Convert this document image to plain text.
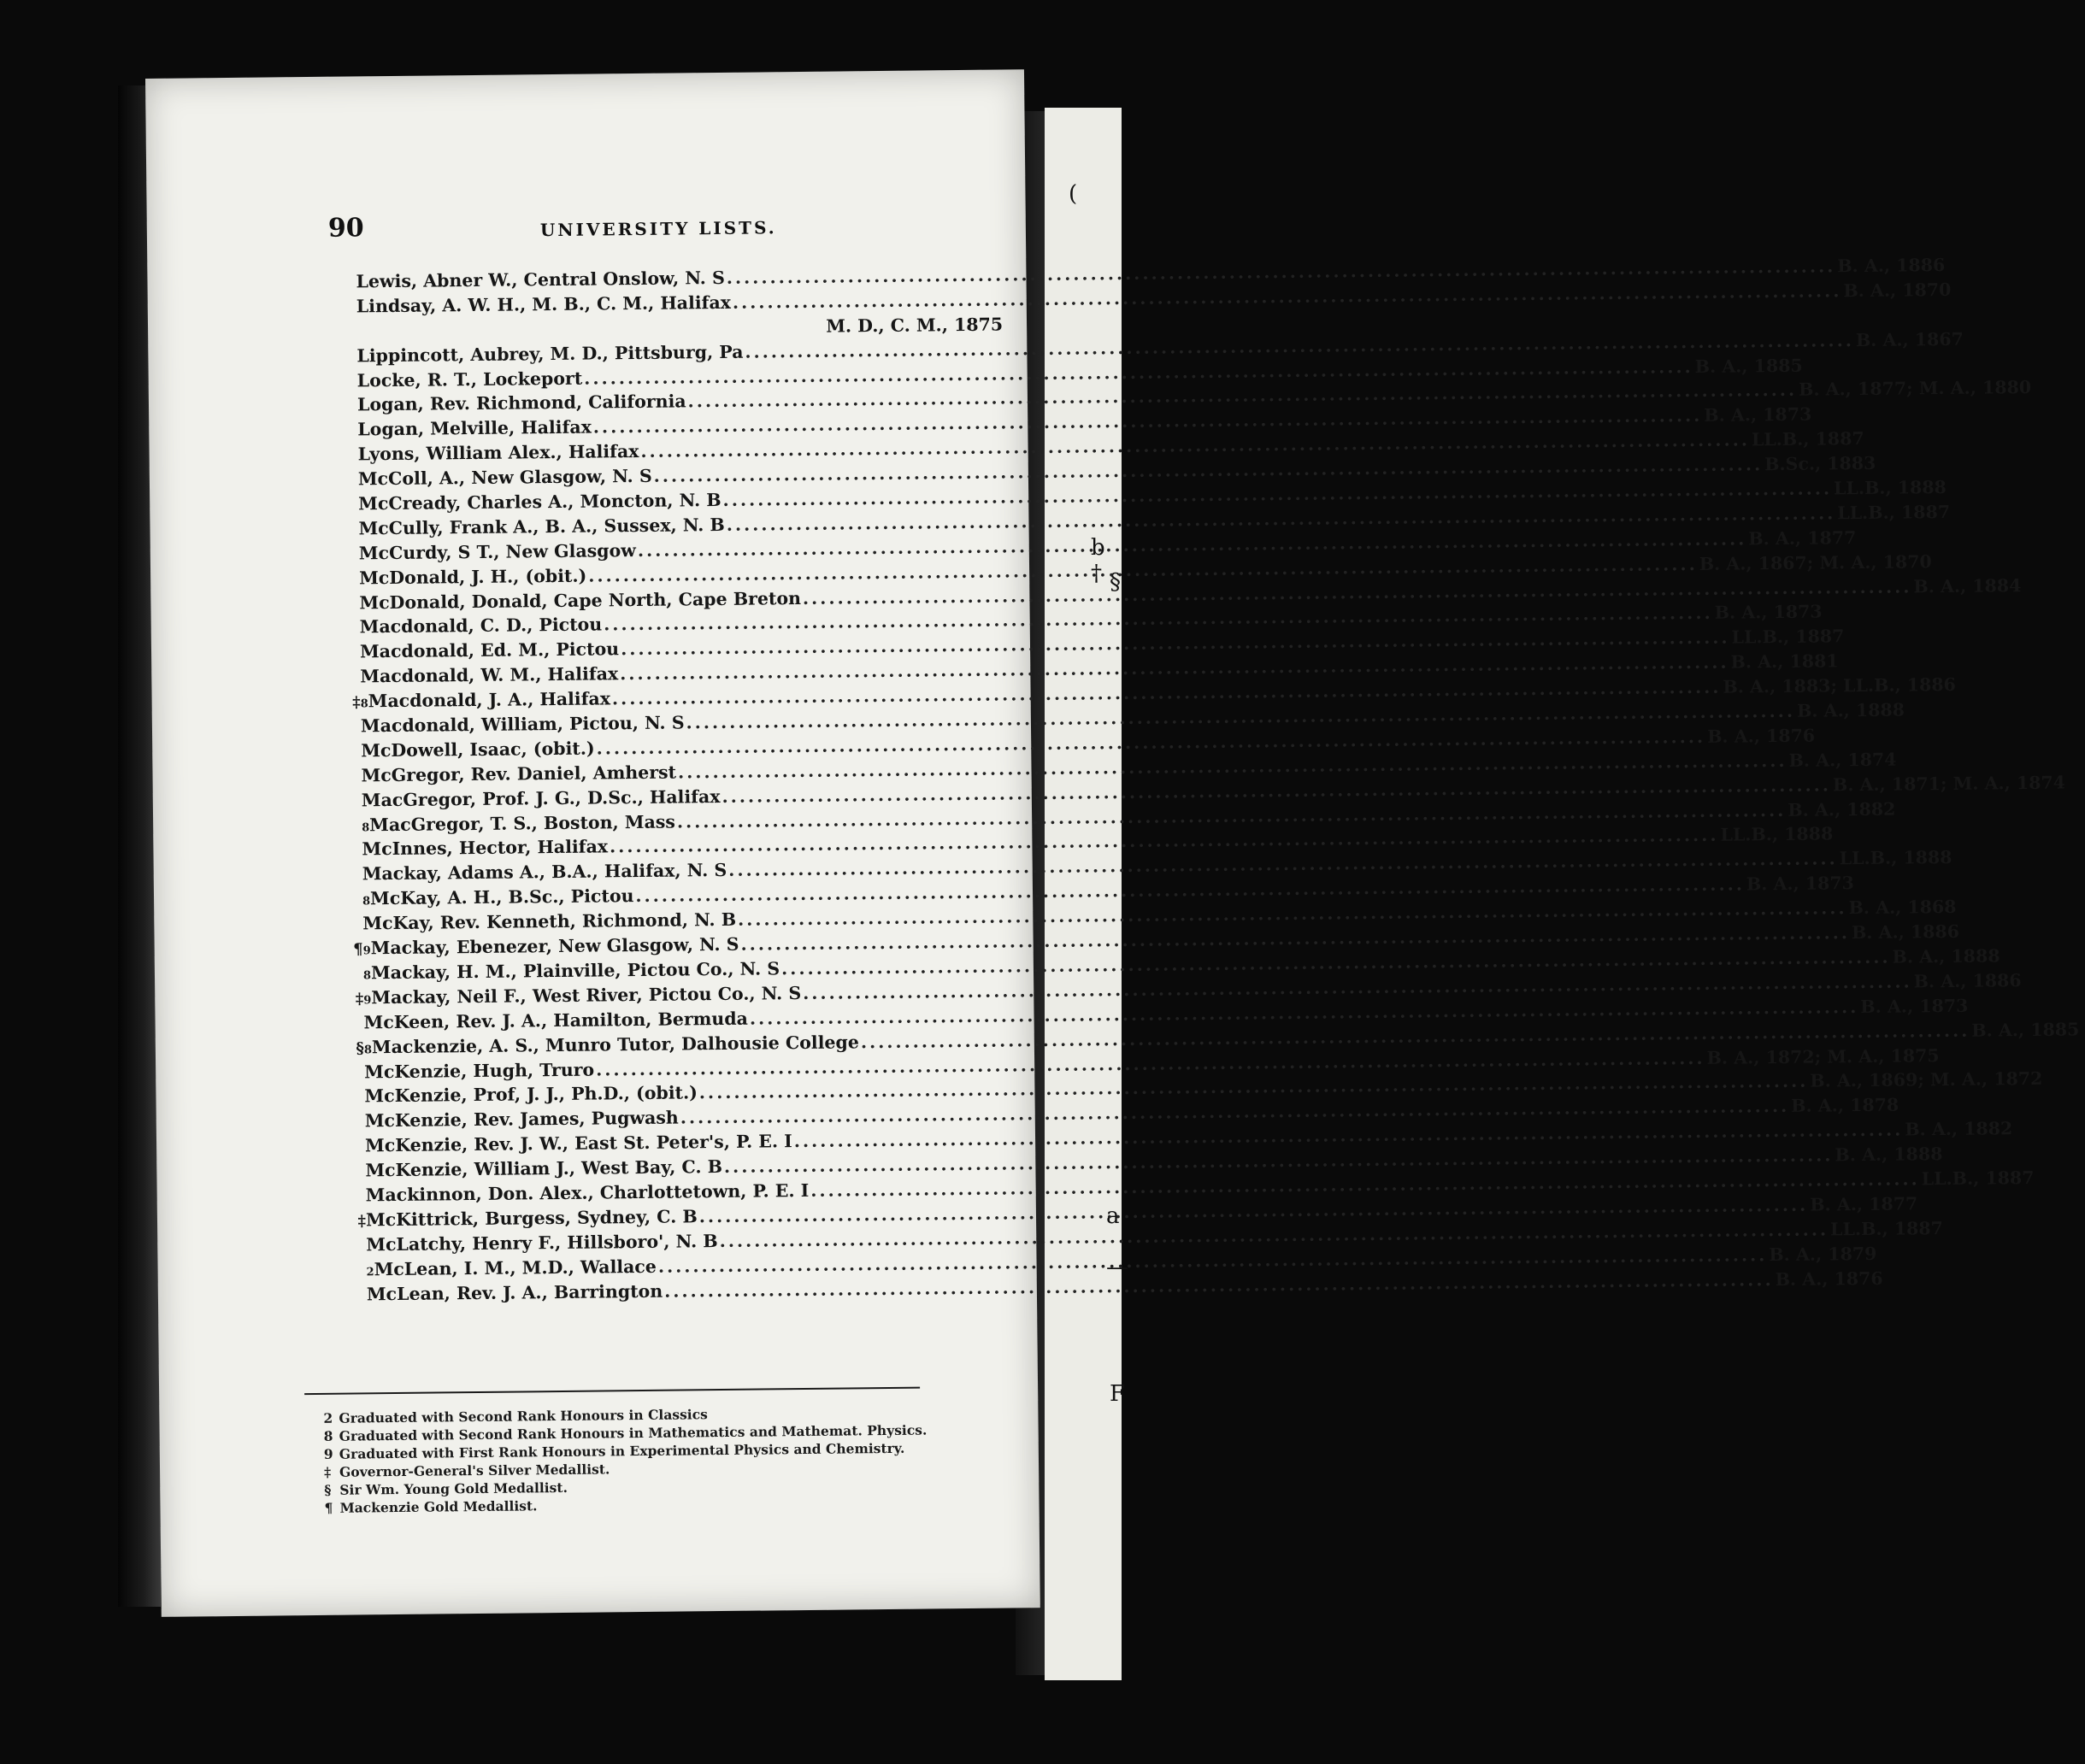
(
b † §
a
—
F
90	UNIVERSITY LISTS.
Lewis, Abner W., Central Onslow, N. S
.....
B. A., 1886
Lindsay, A. W. H., M. B., C. M., Halifax
.....
B. A., 1870
M. D., C. M., 1875
Lippincott, Aubrey, M. D., Pittsburg, Pa
.....
B. A., 1867
Locke, R. T., Lockeport
.....
B. A., 1885
Logan, Rev. Richmond, California
.....
B. A., 1877; M. A., 1880
Logan, Melville, Halifax
.....
B. A., 1873
Lyons, William Alex., Halifax
.....
LL.B., 1887
McColl, A., New Glasgow, N. S
.....
B.Sc., 1883
McCready, Charles A., Moncton, N. B
.....
LL.B., 1888
McCully, Frank A., B. A., Sussex, N. B
.....
LL.B., 1887
McCurdy, S T., New Glasgow
.....
B. A., 1877
McDonald, J. H., (obit.)
.....
B. A., 1867; M. A., 1870
McDonald, Donald, Cape North, Cape Breton
.....
B. A., 1884
Macdonald, C. D., Pictou
.....
B. A., 1873
Macdonald, Ed. M., Pictou
.....
LL.B., 1887
Macdonald, W. M., Halifax
.....
B. A., 1881
‡ 8 Macdonald, J. A., Halifax
.....
B. A., 1883; LL.B., 1886
Macdonald, William, Pictou, N. S
.....
B. A., 1888
McDowell, Isaac, (obit.)
.....
B. A., 1876
McGregor, Rev. Daniel, Amherst
.....
B. A., 1874
MacGregor, Prof. J. G., D.Sc., Halifax
.....
B. A., 1871; M. A., 1874
8 MacGregor, T. S., Boston, Mass
.....
B. A., 1882
McInnes, Hector, Halifax
.....
LL.B., 1888
Mackay, Adams A., B.A., Halifax, N. S
.....
LL.B., 1888
8 McKay, A. H., B.Sc., Pictou
.....
B. A., 1873
McKay, Rev. Kenneth, Richmond, N. B
.....
B. A., 1868
¶ 9 Mackay, Ebenezer, New Glasgow, N. S
.....
B. A., 1886
8 Mackay, H. M., Plainville, Pictou Co., N. S
.....
B. A., 1888
‡ 9 Mackay, Neil F., West River, Pictou Co., N. S
.....
B. A., 1886
McKeen, Rev. J. A., Hamilton, Bermuda
.....
B. A., 1873
§ 8 Mackenzie, A. S., Munro Tutor, Dalhousie College
.....
B. A., 1885
McKenzie, Hugh, Truro
.....
B. A., 1872; M. A., 1875
McKenzie, Prof, J. J., Ph.D., (obit.)
.....
B. A., 1869; M. A., 1872
McKenzie, Rev. James, Pugwash
.....
B. A., 1878
McKenzie, Rev. J. W., East St. Peter's, P. E. I
.....
B. A., 1882
McKenzie, William J., West Bay, C. B
.....
B. A., 1888
Mackinnon, Don. Alex., Charlottetown, P. E. I
.....
LL.B., 1887
‡ McKittrick, Burgess, Sydney, C. B
.....
B. A., 1877
McLatchy, Henry F., Hillsboro', N. B
.....
LL.B., 1887
2 McLean, I. M., M.D., Wallace
.....
B. A., 1879
McLean, Rev. J. A., Barrington
.....
B. A., 1876
2 Graduated with Second Rank Honours in Classics
8 Graduated with Second Rank Honours in Mathematics and Mathemat. Physics.
9 Graduated with First Rank Honours in Experimental Physics and Chemistry.
‡ Governor-General's Silver Medallist.
§ Sir Wm. Young Gold Medallist.
¶ Mackenzie Gold Medallist.
